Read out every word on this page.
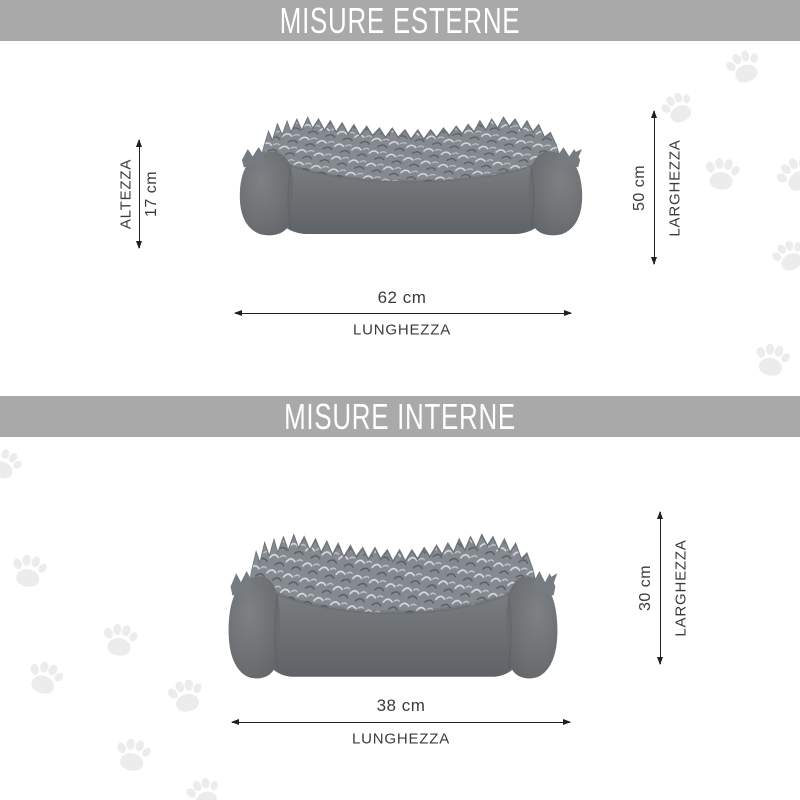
MISURE ESTERNE
ALTEZZA 17 cm	50 cm LARGHEZZA
62 cm
LUNGHEZZA
MISURE INTERNE
30 cm LARGHEZZA
38 cm
LUNGHEZZA
